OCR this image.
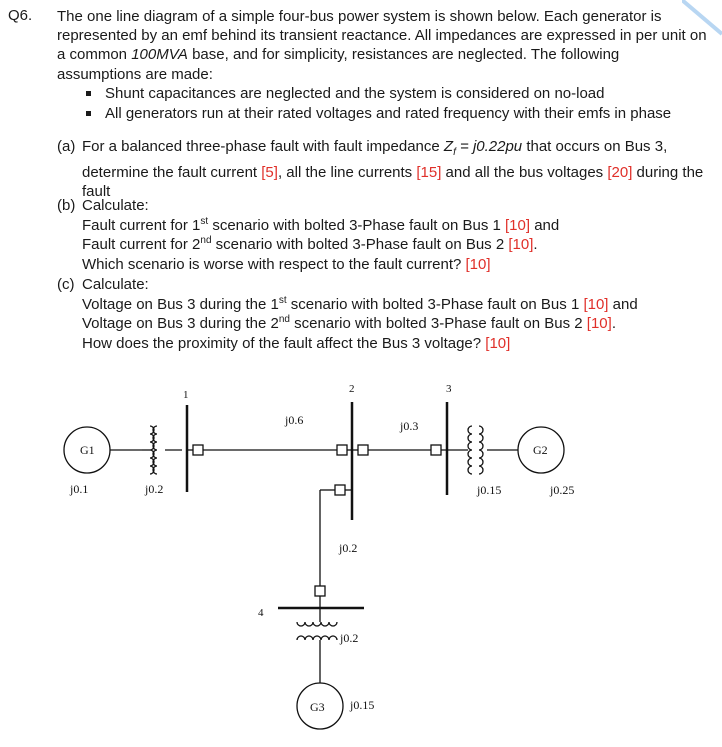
Q6. The one line diagram of a simple four-bus power system is shown below. Each generator is represented by an emf behind its transient reactance. All impedances are expressed in per unit on a common 100MVA base, and for simplicity, resistances are neglected. The following assumptions are made:

Shunt capacitances are neglected and the system is considered on no-load
All generators run at their rated voltages and rated frequency with their emfs in phase
(a) For a balanced three-phase fault with fault impedance $Z_f = j0.22pu$ that occurs on Bus 3, determine the fault current [5], all the line currents [15] and all the bus voltages [20] during the fault
(b) Calculate:
Fault current for 1st scenario with bolted 3-Phase fault on Bus 1 [10] and
Fault current for 2nd scenario with bolted 3-Phase fault on Bus 2 [10].
Which scenario is worse with respect to the fault current? [10]
(c) Calculate:
Voltage on Bus 3 during the 1st scenario with bolted 3-Phase fault on Bus 1 [10] and
Voltage on Bus 3 during the 2nd scenario with bolted 3-Phase fault on Bus 2 [10].
How does the proximity of the fault affect the Bus 3 voltage? [10]
1	2	3
4
G1	G2
G3
j0.1	j0.2
j0.6	j0.3
j0.15	j0.25
j0.2
j0.2
j0.15
